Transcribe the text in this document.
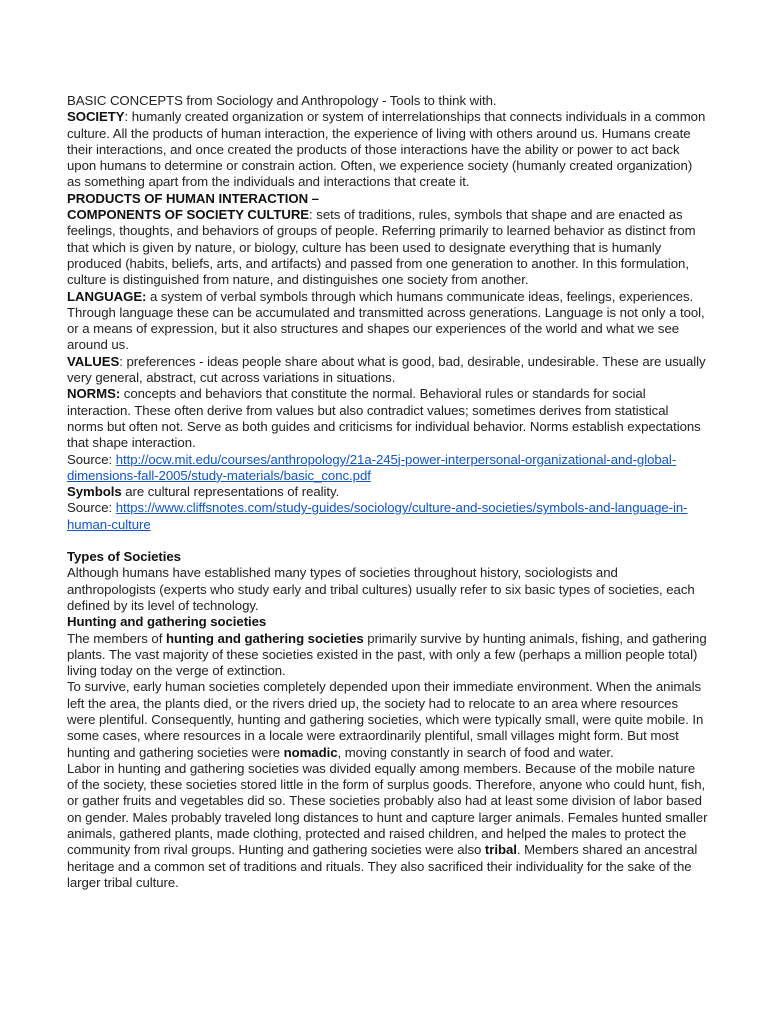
BASIC CONCEPTS from Sociology and Anthropology - Tools to think with.

SOCIETY: humanly created organization or system of interrelationships that connects individuals in a common culture. All the products of human interaction, the experience of living with others around us. Humans create their interactions, and once created the products of those interactions have the ability or power to act back upon humans to determine or constrain action. Often, we experience society (humanly created organization) as something apart from the individuals and interactions that create it.

PRODUCTS OF HUMAN INTERACTION –

COMPONENTS OF SOCIETY CULTURE: sets of traditions, rules, symbols that shape and are enacted as feelings, thoughts, and behaviors of groups of people. Referring primarily to learned behavior as distinct from that which is given by nature, or biology, culture has been used to designate everything that is humanly produced (habits, beliefs, arts, and artifacts) and passed from one generation to another. In this formulation, culture is distinguished from nature, and distinguishes one society from another.

LANGUAGE: a system of verbal symbols through which humans communicate ideas, feelings, experiences. Through language these can be accumulated and transmitted across generations. Language is not only a tool, or a means of expression, but it also structures and shapes our experiences of the world and what we see around us.

VALUES: preferences - ideas people share about what is good, bad, desirable, undesirable. These are usually very general, abstract, cut across variations in situations.

NORMS: concepts and behaviors that constitute the normal. Behavioral rules or standards for social interaction. These often derive from values but also contradict values; sometimes derives from statistical norms but often not. Serve as both guides and criticisms for individual behavior. Norms establish expectations that shape interaction.

Source: http://ocw.mit.edu/courses/anthropology/21a-245j-power-interpersonal-organizational-and-global-dimensions-fall-2005/study-materials/basic_conc.pdf

Symbols are cultural representations of reality.

Source: https://www.cliffsnotes.com/study-guides/sociology/culture-and-societies/symbols-and-language-in-human-culture

Types of Societies

Although humans have established many types of societies throughout history, sociologists and anthropologists (experts who study early and tribal cultures) usually refer to six basic types of societies, each defined by its level of technology.

Hunting and gathering societies

The members of hunting and gathering societies primarily survive by hunting animals, fishing, and gathering plants. The vast majority of these societies existed in the past, with only a few (perhaps a million people total) living today on the verge of extinction.

To survive, early human societies completely depended upon their immediate environment. When the animals left the area, the plants died, or the rivers dried up, the society had to relocate to an area where resources were plentiful. Consequently, hunting and gathering societies, which were typically small, were quite mobile. In some cases, where resources in a locale were extraordinarily plentiful, small villages might form. But most hunting and gathering societies were nomadic, moving constantly in search of food and water.

Labor in hunting and gathering societies was divided equally among members. Because of the mobile nature of the society, these societies stored little in the form of surplus goods. Therefore, anyone who could hunt, fish, or gather fruits and vegetables did so. These societies probably also had at least some division of labor based on gender. Males probably traveled long distances to hunt and capture larger animals. Females hunted smaller animals, gathered plants, made clothing, protected and raised children, and helped the males to protect the community from rival groups. Hunting and gathering societies were also tribal. Members shared an ancestral heritage and a common set of traditions and rituals. They also sacrificed their individuality for the sake of the larger tribal culture.
